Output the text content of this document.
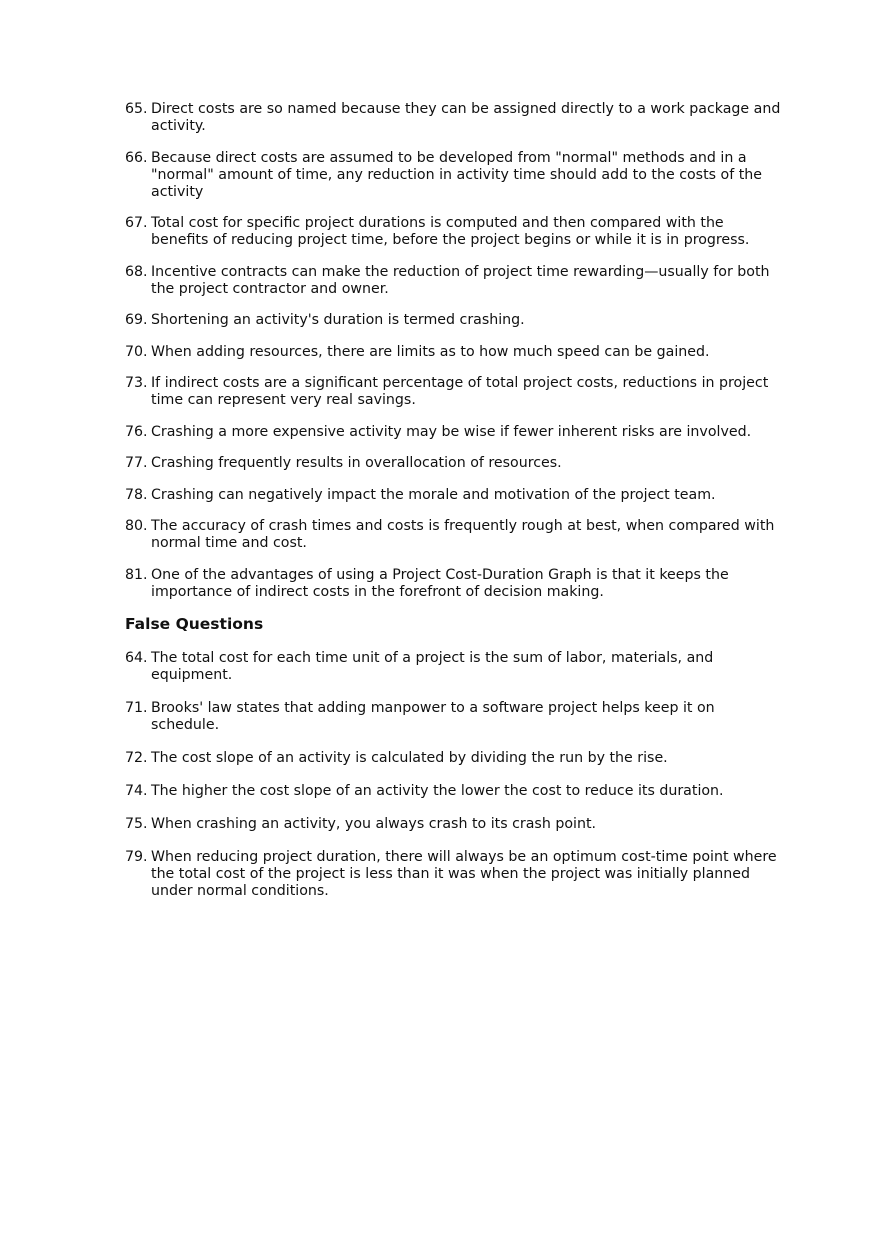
65. Direct costs are so named because they can be assigned directly to a work package and activity.
66. Because direct costs are assumed to be developed from "normal" methods and in a "normal" amount of time, any reduction in activity time should add to the costs of the activity
67. Total cost for specific project durations is computed and then compared with the benefits of reducing project time, before the project begins or while it is in progress.
68. Incentive contracts can make the reduction of project time rewarding—usually for both the project contractor and owner.
69. Shortening an activity's duration is termed crashing.
70. When adding resources, there are limits as to how much speed can be gained.
73. If indirect costs are a significant percentage of total project costs, reductions in project time can represent very real savings.
76. Crashing a more expensive activity may be wise if fewer inherent risks are involved.
77. Crashing frequently results in overallocation of resources.
78. Crashing can negatively impact the morale and motivation of the project team.
80. The accuracy of crash times and costs is frequently rough at best, when compared with normal time and cost.
81. One of the advantages of using a Project Cost-Duration Graph is that it keeps the importance of indirect costs in the forefront of decision making.
False Questions
64. The total cost for each time unit of a project is the sum of labor, materials, and equipment.
71. Brooks' law states that adding manpower to a software project helps keep it on schedule.
72. The cost slope of an activity is calculated by dividing the run by the rise.
74. The higher the cost slope of an activity the lower the cost to reduce its duration.
75. When crashing an activity, you always crash to its crash point.
79. When reducing project duration, there will always be an optimum cost-time point where the total cost of the project is less than it was when the project was initially planned under normal conditions.
